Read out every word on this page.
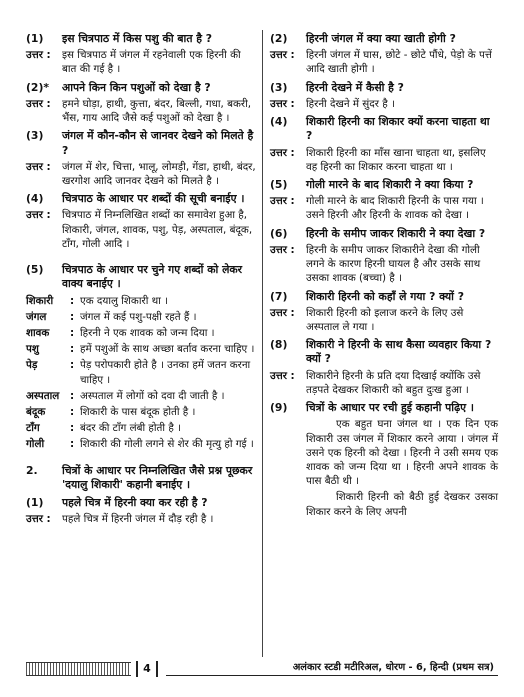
(1)	इस चित्रपाठ में किस पशु की बात है ?
उत्तर :	इस चित्रपाठ में जंगल में रहनेवाली एक हिरनी की बात की गई है ।
(2)*	आपने किन किन पशुओं को देखा है ?
उत्तर :	हमने घोड़ा, हाथी, कुत्ता, बंदर, बिल्ली, गधा, बकरी, भैंस, गाय आदि जैसे कई पशुओं को देखा है ।
(3)	जंगल में कौन-कौन से जानवर देखने को मिलते है ?
उत्तर :	जंगल में शेर, चित्ता, भालू, लोमड़ी, गेंडा, हाथी, बंदर, खरगोश आदि जानवर देखने को मिलते है ।
(4)	चित्रपाठ के आधार पर शब्दों की सूची बनाईए ।
उत्तर :	चित्रपाठ में निम्नलिखित शब्दों का समावेश हुआ है, शिकारी, जंगल, शावक, पशु, पेड़, अस्पताल, बंदूक, टाँग, गोली आदि ।
(5)	चित्रपाठ के आधार पर चुने गए शब्दों को लेकर वाक्य बनाईए ।
शिकारी	: एक दयालु शिकारी था ।
जंगल	: जंगल में कई पशु-पक्षी रहते हैं ।
शावक	: हिरनी ने एक शावक को जन्म दिया ।
पशु	: हमें पशुओं के साथ अच्छा बर्ताव करना चाहिए ।
पेड़	: पेड़ परोपकारी होते है । उनका हमें जतन करना चाहिए ।
अस्पताल	: अस्पताल में लोगों को दवा दी जाती है ।
बंदूक	: शिकारी के पास बंदूक होती है ।
टाँग	: बंदर की टाँग लंबी होती है ।
गोली	: शिकारी की गोली लगने से शेर की मृत्यु हो गई ।
2.	चित्रों के आधार पर निम्नलिखित जैसे प्रश्न पूछकर 'दयालु शिकारी' कहानी बनाईए ।
(1)	पहले चित्र में हिरनी क्या कर रही है ?
उत्तर :	पहले चित्र में हिरनी जंगल में दौड़ रही है ।
(2)	हिरनी जंगल में क्या क्या खाती होगी ?
उत्तर :	हिरनी जंगल में घास, छोटे - छोटे पौंधे, पेड़ो के पत्तें आदि खाती होगी ।
(3)	हिरनी देखने में कैसी है ?
उत्तर :	हिरनी देखने में सुंदर है ।
(4)	शिकारी हिरनी का शिकार क्यों करना चाहता था ?
उत्तर :	शिकारी हिरनी का माँस खाना चाहता था, इसलिए वह हिरनी का शिकार करना चाहता था ।
(5)	गोली मारने के बाद शिकारी ने क्या किया ?
उत्तर :	गोली मारने के बाद शिकारी हिरनी के पास गया । उसने हिरनी और हिरनी के शावक को देखा ।
(6)	हिरनी के समीप जाकर शिकारी ने क्या देखा ?
उत्तर :	हिरनी के समीप जाकर शिकारीने देखा की गोली लगने के कारण हिरनी घायल है और उसके साथ उसका शावक (बच्चा) है ।
(7)	शिकारी हिरनी को कहाँ ले गया ? क्यों ?
उत्तर :	शिकारी हिरनी को इलाज करने के लिए उसे अस्पताल ले गया ।
(8)	शिकारी ने हिरनी के साथ कैसा व्यवहार किया ? क्यों ?
उत्तर :	शिकारीने हिरनी के प्रति दया दिखाई क्योंकि उसे तड़पते देखकर शिकारी को बहुत दुःख हुआ ।
(9)	चित्रों के आधार पर रची हुई कहानी पढ़िए ।

एक बहुत घना जंगल था । एक दिन एक शिकारी उस जंगल में शिकार करने आया । जंगल में उसने एक हिरनी को देखा । हिरनी ने उसी समय एक शावक को जन्म दिया था । हिरनी अपने शावक के पास बैठी थी ।

शिकारी हिरनी को बैठी हुई देखकर उसका शिकार करने के लिए अपनी

4	अलंकार स्टडी मटीरिअल, धोरण - 6, हिन्दी (प्रथम सत्र)
